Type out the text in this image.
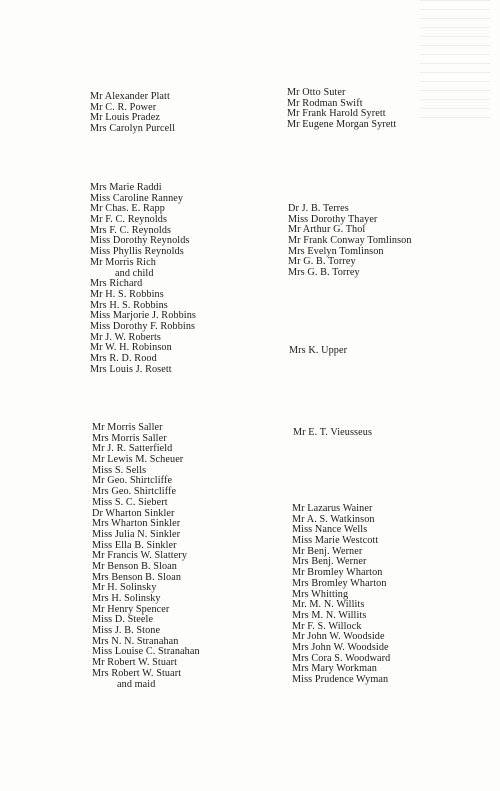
Mr Alexander Platt
Mr C. R. Power
Mr Louis Pradez
Mrs Carolyn Purcell
Mrs Marie Raddi
Miss Caroline Ranney
Mr Chas. E. Rapp
Mr F. C. Reynolds
Mrs F. C. Reynolds
Miss Dorothy Reynolds
Miss Phyllis Reynolds
Mr Morris Rich
and child
Mrs Richard
Mr H. S. Robbins
Mrs H. S. Robbins
Miss Marjorie J. Robbins
Miss Dorothy F. Robbins
Mr J. W. Roberts
Mr W. H. Robinson
Mrs R. D. Rood
Mrs Louis J. Rosett
Mr Morris Saller
Mrs Morris Saller
Mr J. R. Satterfield
Mr Lewis M. Scheuer
Miss S. Sells
Mr Geo. Shirtcliffe
Mrs Geo. Shirtcliffe
Miss S. C. Siebert
Dr Wharton Sinkler
Mrs Wharton Sinkler
Miss Julia N. Sinkler
Miss Ella B. Sinkler
Mr Francis W. Slattery
Mr Benson B. Sloan
Mrs Benson B. Sloan
Mr H. Solinsky
Mrs H. Solinsky
Mr Henry Spencer
Miss D. Steele
Miss J. B. Stone
Mrs N. N. Stranahan
Miss Louise C. Stranahan
Mr Robert W. Stuart
Mrs Robert W. Stuart
and maid
Mr Otto Suter
Mr Rodman Swift
Mr Frank Harold Syrett
Mr Eugene Morgan Syrett
Dr J. B. Terres
Miss Dorothy Thayer
Mr Arthur G. Thol
Mr Frank Conway Tomlinson
Mrs Evelyn Tomlinson
Mr G. B. Torrey
Mrs G. B. Torrey
Mrs K. Upper
Mr E. T. Vieusseus
Mr Lazarus Wainer
Mr A. S. Watkinson
Miss Nance Wells
Miss Marie Westcott
Mr Benj. Werner
Mrs Benj. Werner
Mr Bromley Wharton
Mrs Bromley Wharton
Mrs Whitting
Mr. M. N. Willits
Mrs M. N. Willits
Mr F. S. Willock
Mr John W. Woodside
Mrs John W. Woodside
Mrs Cora S. Woodward
Mrs Mary Workman
Miss Prudence Wyman
